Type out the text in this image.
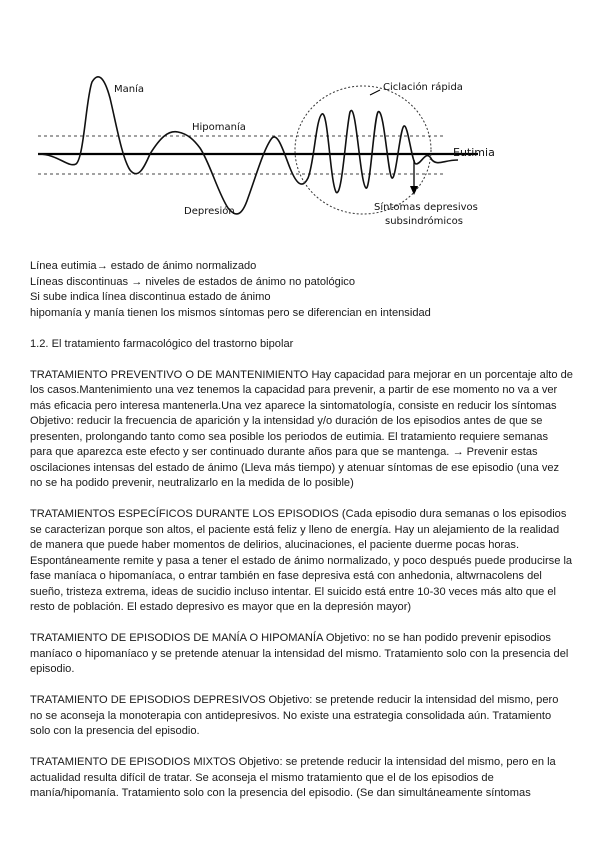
Manía
Hipomanía
Depresión
Ciclación rápida
Eutimia
Síntomas depresivos
subsindrómicos

Línea eutimia→ estado de ánimo normalizado

Líneas discontinuas → niveles de estados de ánimo no patológico

Si sube indica línea discontinua estado de ánimo

hipomanía y manía tienen los mismos síntomas pero se diferencian en intensidad

1.2. El tratamiento farmacológico del trastorno bipolar

TRATAMIENTO PREVENTIVO O DE MANTENIMIENTO Hay capacidad para mejorar en un porcentaje alto de

los casos.Mantenimiento una vez tenemos la capacidad para prevenir, a partir de ese momento no va a ver

más eficacia pero interesa mantenerla.Una vez aparece la sintomatología, consiste en reducir los síntomas

Objetivo: reducir la frecuencia de aparición y la intensidad y/o duración de los episodios antes de que se

presenten, prolongando tanto como sea posible los periodos de eutimia. El tratamiento requiere semanas

para que aparezca este efecto y ser continuado durante años para que se mantenga. → Prevenir estas

oscilaciones intensas del estado de ánimo (Lleva más tiempo) y atenuar síntomas de ese episodio (una vez

no se ha podido prevenir, neutralizarlo en la medida de lo posible)

TRATAMIENTOS ESPECÍFICOS DURANTE LOS EPISODIOS (Cada episodio dura semanas o los episodios

se caracterizan porque son altos, el paciente está feliz y lleno de energía. Hay un alejamiento de la realidad

de manera que puede haber momentos de delirios, alucinaciones, el paciente duerme pocas horas.

Espontáneamente remite y pasa a tener el estado de ánimo normalizado, y poco después puede producirse la

fase maníaca o hipomaníaca, o entrar también en fase depresiva está con anhedonia, altwrnacolens del

sueño, tristeza extrema, ideas de sucidio incluso intentar. El suicido está entre 10-30 veces más alto que el

resto de población. El estado depresivo es mayor que en la depresión mayor)

TRATAMIENTO DE EPISODIOS DE MANÍA O HIPOMANÍA Objetivo: no se han podido prevenir episodios

maníaco o hipomaníaco y se pretende atenuar la intensidad del mismo. Tratamiento solo con la presencia del

episodio.

TRATAMIENTO DE EPISODIOS DEPRESIVOS Objetivo: se pretende reducir la intensidad del mismo, pero

no se aconseja la monoterapia con antidepresivos. No existe una estrategia consolidada aún. Tratamiento

solo con la presencia del episodio.

TRATAMIENTO DE EPISODIOS MIXTOS Objetivo: se pretende reducir la intensidad del mismo, pero en la

actualidad resulta difícil de tratar. Se aconseja el mismo tratamiento que el de los episodios de

manía/hipomanía. Tratamiento solo con la presencia del episodio. (Se dan simultáneamente síntomas
